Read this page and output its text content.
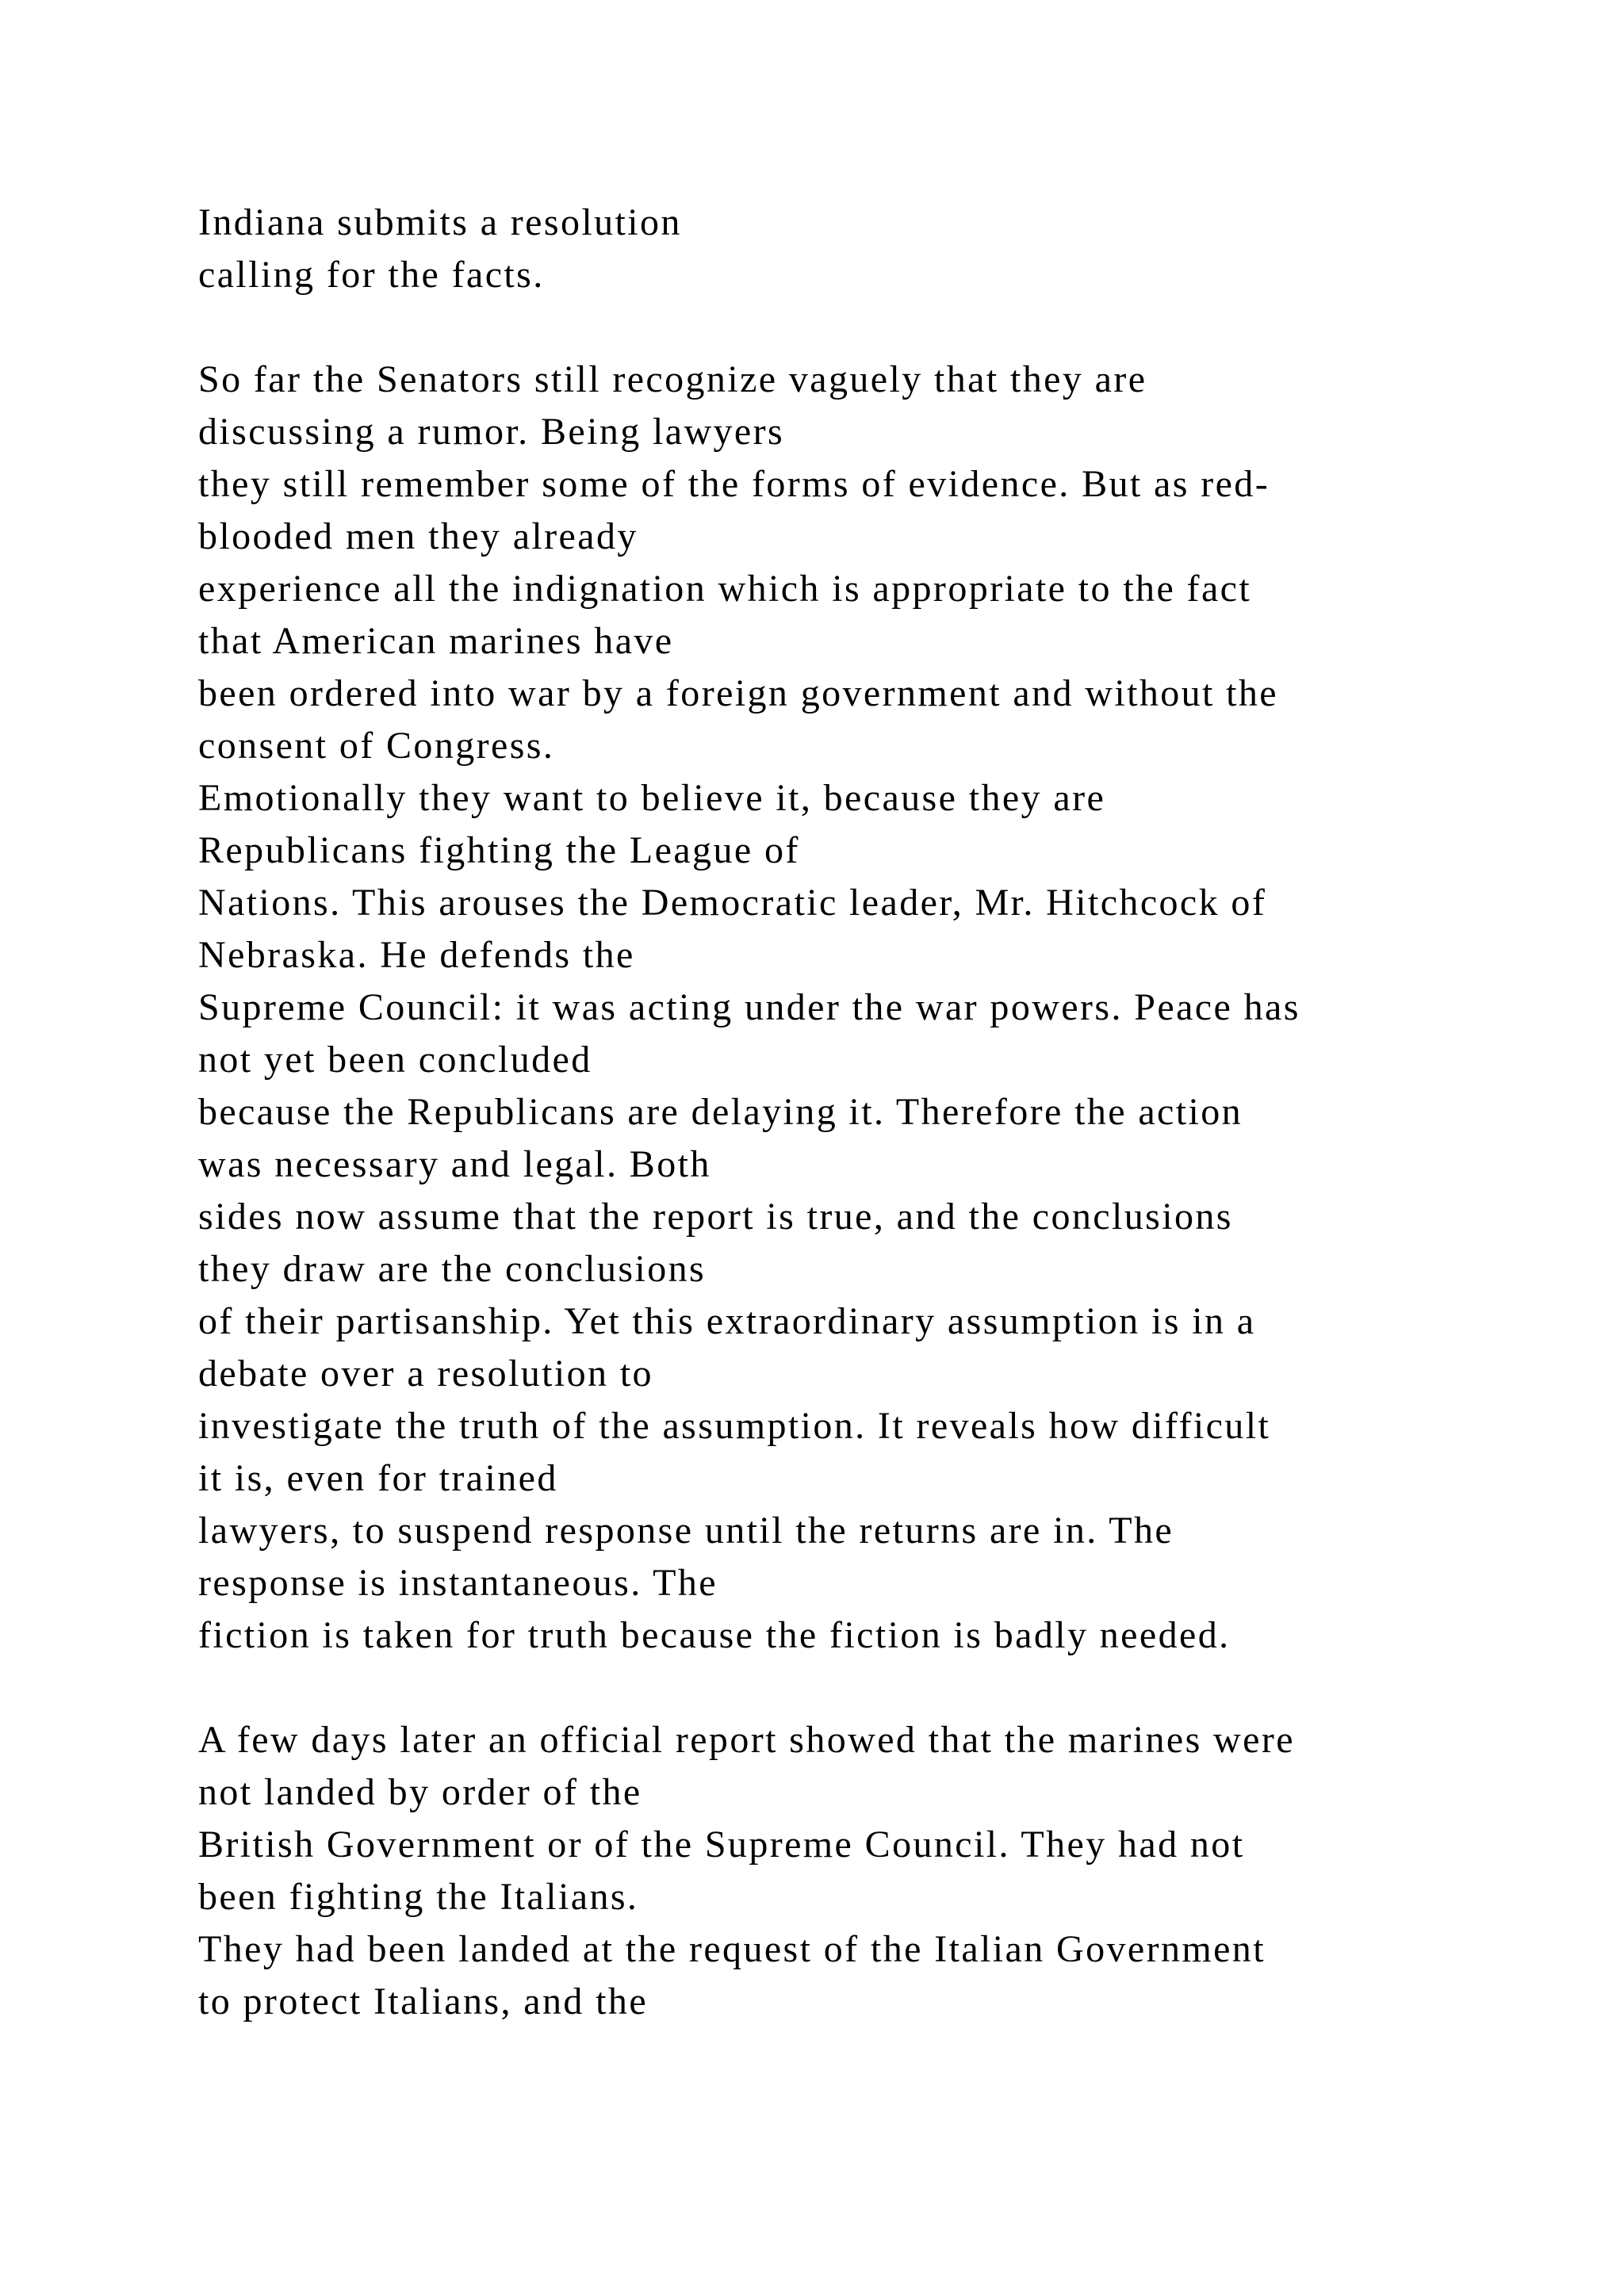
Indiana submits a resolution
calling for the facts.
So far the Senators still recognize vaguely that they are
discussing a rumor. Being lawyers
they still remember some of the forms of evidence. But as red-
blooded men they already
experience all the indignation which is appropriate to the fact
that American marines have
been ordered into war by a foreign government and without the
consent of Congress.
Emotionally they want to believe it, because they are
Republicans fighting the League of
Nations. This arouses the Democratic leader, Mr. Hitchcock of
Nebraska. He defends the
Supreme Council: it was acting under the war powers. Peace has
not yet been concluded
because the Republicans are delaying it. Therefore the action
was necessary and legal. Both
sides now assume that the report is true, and the conclusions
they draw are the conclusions
of their partisanship. Yet this extraordinary assumption is in a
debate over a resolution to
investigate the truth of the assumption. It reveals how difficult
it is, even for trained
lawyers, to suspend response until the returns are in. The
response is instantaneous. The
fiction is taken for truth because the fiction is badly needed.
A few days later an official report showed that the marines were
not landed by order of the
British Government or of the Supreme Council. They had not
been fighting the Italians.
They had been landed at the request of the Italian Government
to protect Italians, and the
